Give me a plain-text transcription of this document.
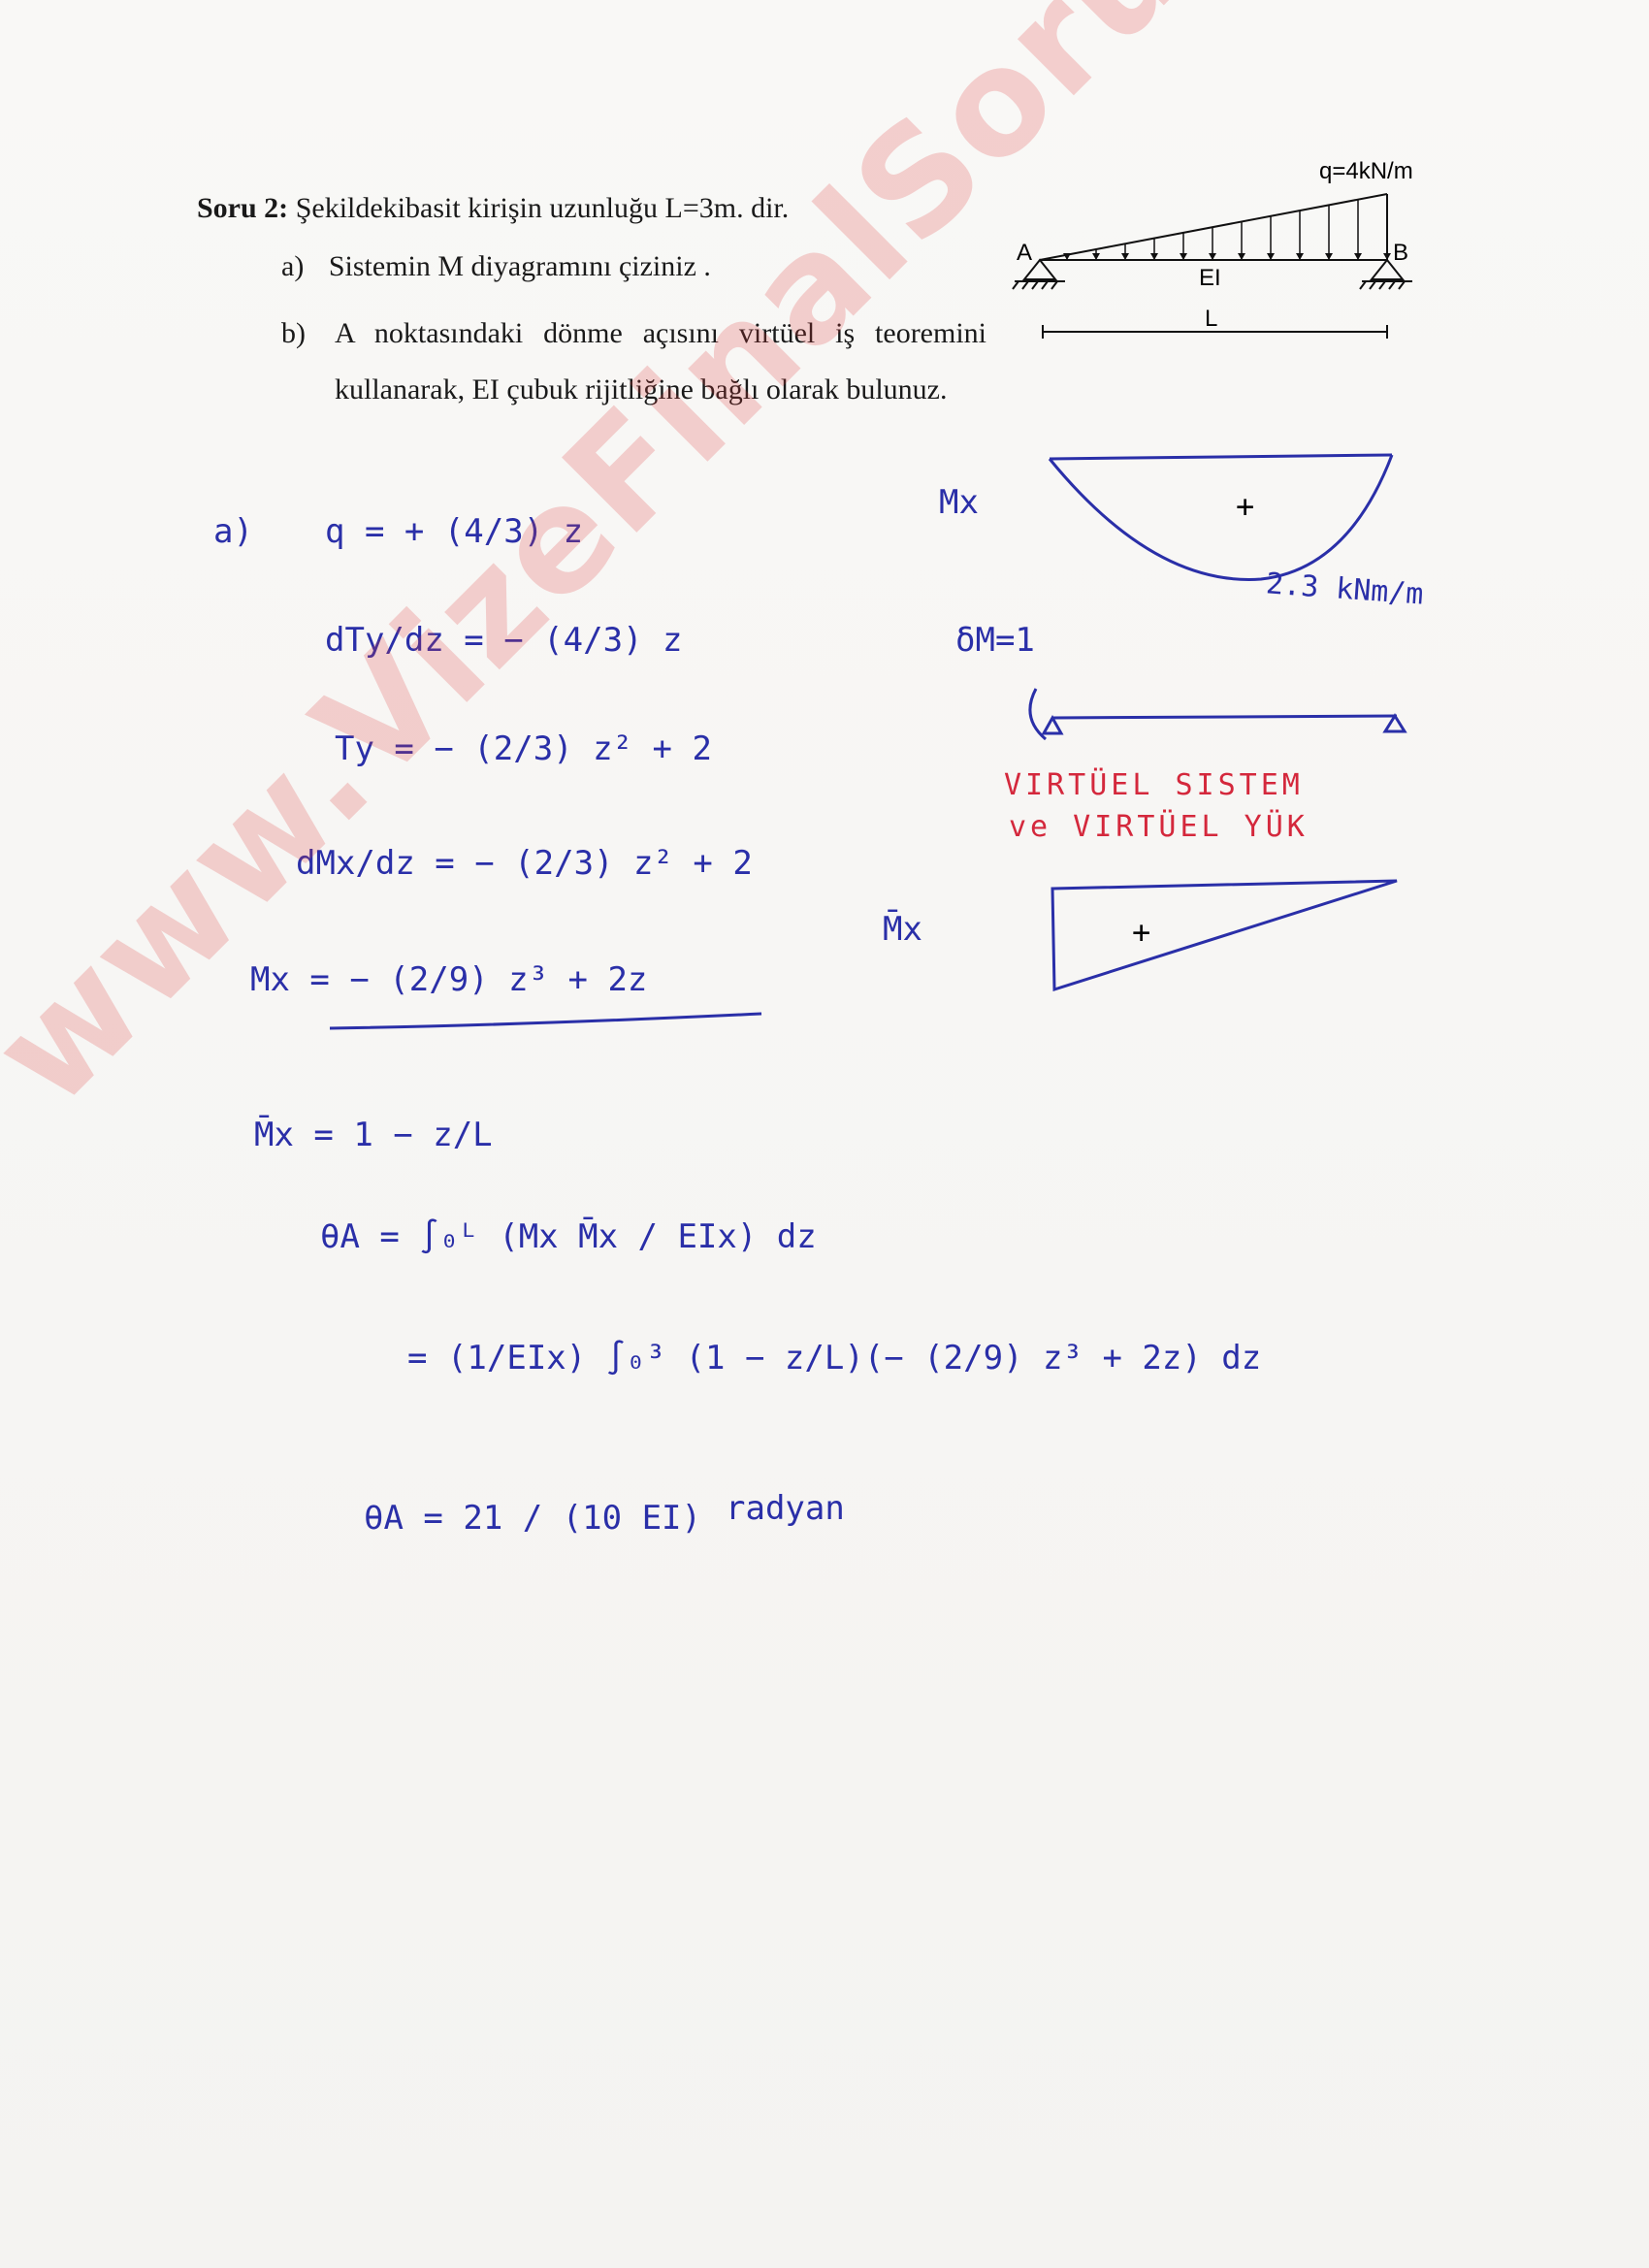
Soru 2: Şekildekibasit kirişin uzunluğu L=3m. dir.

a) Sistemin M diyagramını çiziniz .

b) A noktasındaki dönme açısını virtüel iş teoremini kullanarak, EI çubuk rijitliğine bağlı olarak bulunuz.
q=4kN/m
A	B
EI
L
Mx	+
2.3 kNm/m
δM=1
VIRTÜEL SISTEM
ve VIRTÜEL YÜK
M̄x	+
a) q = + (4/3) z
dTy/dz = − (4/3) z
Ty = − (2/3) z² + 2
dMx/dz = − (2/3) z² + 2
Mx = − (2/9) z³ + 2z
M̄x = 1 − z/L
θA = ∫₀ᴸ (Mx M̄x / EIx) dz
= (1/EIx) ∫₀³ (1 − z/L)(− (2/9) z³ + 2z) dz
θA = 21 / (10 EI) radyan
